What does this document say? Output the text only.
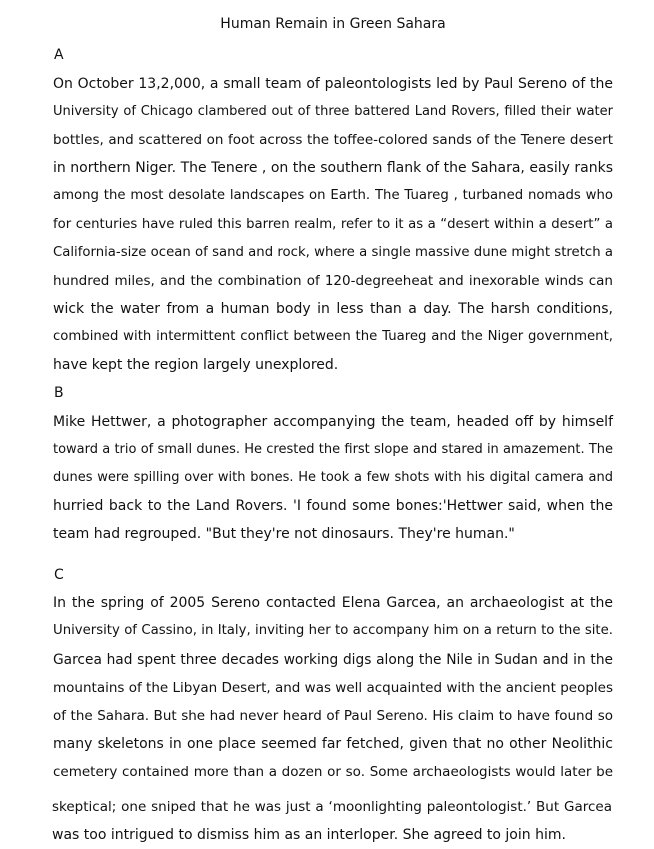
Human Remain in Green Sahara
A
On October 13,2,000, a small team of paleontologists led by Paul Sereno of the
University of Chicago clambered out of three battered Land Rovers, filled their water
bottles, and scattered on foot across the toffee-colored sands of the Tenere desert
in northern Niger. The Tenere , on the southern flank of the Sahara, easily ranks
among the most desolate landscapes on Earth. The Tuareg , turbaned nomads who
for centuries have ruled this barren realm, refer to it as a “desert within a desert” a
California-size ocean of sand and rock, where a single massive dune might stretch a
hundred miles, and the combination of 120-degreeheat and inexorable winds can
wick the water from a human body in less than a day. The harsh conditions,
combined with intermittent conflict between the Tuareg and the Niger government,
have kept the region largely unexplored.
B
Mike Hettwer, a photographer accompanying the team, headed off by himself
toward a trio of small dunes. He crested the first slope and stared in amazement. The
dunes were spilling over with bones. He took a few shots with his digital camera and
hurried back to the Land Rovers. 'I found some bones:'Hettwer said, when the
team had regrouped. "But they're not dinosaurs. They're human."
C
In the spring of 2005 Sereno contacted Elena Garcea, an archaeologist at the
University of Cassino, in Italy, inviting her to accompany him on a return to the site.
Garcea had spent three decades working digs along the Nile in Sudan and in the
mountains of the Libyan Desert, and was well acquainted with the ancient peoples
of the Sahara. But she had never heard of Paul Sereno. His claim to have found so
many skeletons in one place seemed far fetched, given that no other Neolithic
cemetery contained more than a dozen or so. Some archaeologists would later be
skeptical; one sniped that he was just a ‘moonlighting paleontologist.’ But Garcea
was too intrigued to dismiss him as an interloper. She agreed to join him.
